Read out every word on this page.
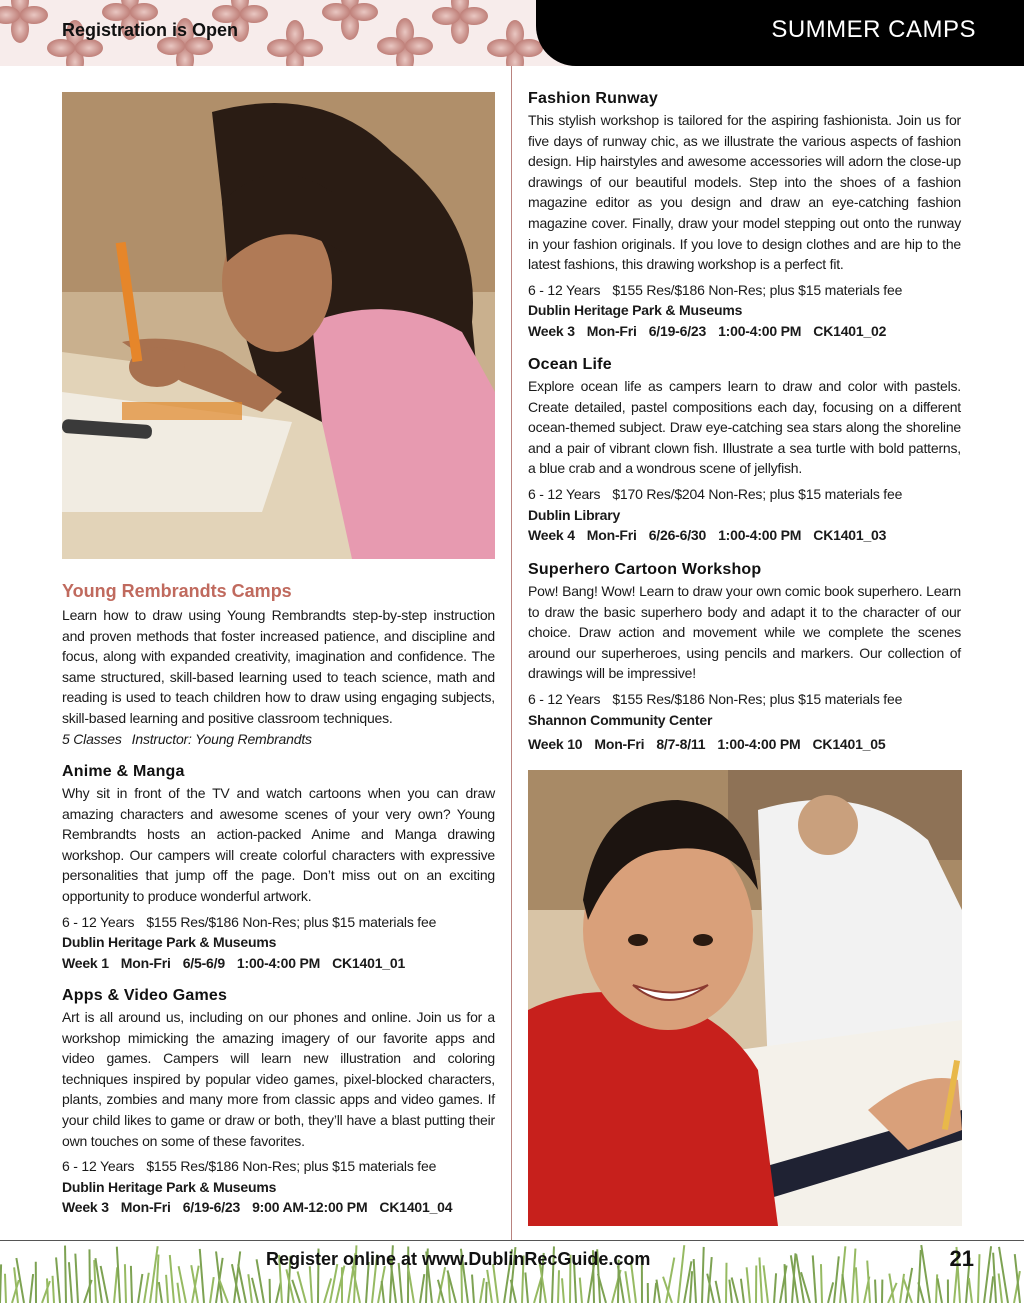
Registration is Open	SUMMER CAMPS
Young Rembrandts Camps

Learn how to draw using Young Rembrandts step-by-step instruction and proven methods that foster increased patience, and discipline and focus, along with expanded creativity, imagination and confidence. The same structured, skill-based learning used to teach science, math and reading is used to teach children how to draw using engaging subjects, skill-based learning and positive classroom techniques.

5 Classes Instructor: Young Rembrandts
Anime & Manga

Why sit in front of the TV and watch cartoons when you can draw amazing characters and awesome scenes of your very own? Young Rembrandts hosts an action-packed Anime and Manga drawing workshop. Our campers will create colorful characters with expressive personalities that jump off the page. Don’t miss out on an exciting opportunity to produce wonderful artwork.

6 - 12 Years $155 Res/$186 Non-Res; plus $15 materials fee
Dublin Heritage Park & Museums
Week 1 Mon-Fri 6/5-6/9 1:00-4:00 PM CK1401_01
Apps & Video Games

Art is all around us, including on our phones and online. Join us for a workshop mimicking the amazing imagery of our favorite apps and video games. Campers will learn new illustration and coloring techniques inspired by popular video games, pixel-blocked characters, plants, zombies and many more from classic apps and video games. If your child likes to game or draw or both, they’ll have a blast putting their own touches on some of these favorites.

6 - 12 Years $155 Res/$186 Non-Res; plus $15 materials fee
Dublin Heritage Park & Museums
Week 3 Mon-Fri 6/19-6/23 9:00 AM-12:00 PM CK1401_04
Fashion Runway

This stylish workshop is tailored for the aspiring fashionista. Join us for five days of runway chic, as we illustrate the various aspects of fashion design. Hip hairstyles and awesome accessories will adorn the close-up drawings of our beautiful models. Step into the shoes of a fashion magazine editor as you design and draw an eye-catching fashion magazine cover. Finally, draw your model stepping out onto the runway in your fashion originals. If you love to design clothes and are hip to the latest fashions, this drawing workshop is a perfect fit.

6 - 12 Years $155 Res/$186 Non-Res; plus $15 materials fee
Dublin Heritage Park & Museums
Week 3 Mon-Fri 6/19-6/23 1:00-4:00 PM CK1401_02
Ocean Life

Explore ocean life as campers learn to draw and color with pastels. Create detailed, pastel compositions each day, focusing on a different ocean-themed subject. Draw eye-catching sea stars along the shoreline and a pair of vibrant clown fish. Illustrate a sea turtle with bold patterns, a blue crab and a wondrous scene of jellyfish.

6 - 12 Years $170 Res/$204 Non-Res; plus $15 materials fee
Dublin Library
Week 4 Mon-Fri 6/26-6/30 1:00-4:00 PM CK1401_03
Superhero Cartoon Workshop

Pow! Bang! Wow! Learn to draw your own comic book superhero. Learn to draw the basic superhero body and adapt it to the character of our choice. Draw action and movement while we complete the scenes around our superheroes, using pencils and markers. Our collection of drawings will be impressive!

6 - 12 Years $155 Res/$186 Non-Res; plus $15 materials fee
Shannon Community Center
Week 10 Mon-Fri 8/7-8/11 1:00-4:00 PM CK1401_05
Register online at www.DublinRecGuide.com	21
